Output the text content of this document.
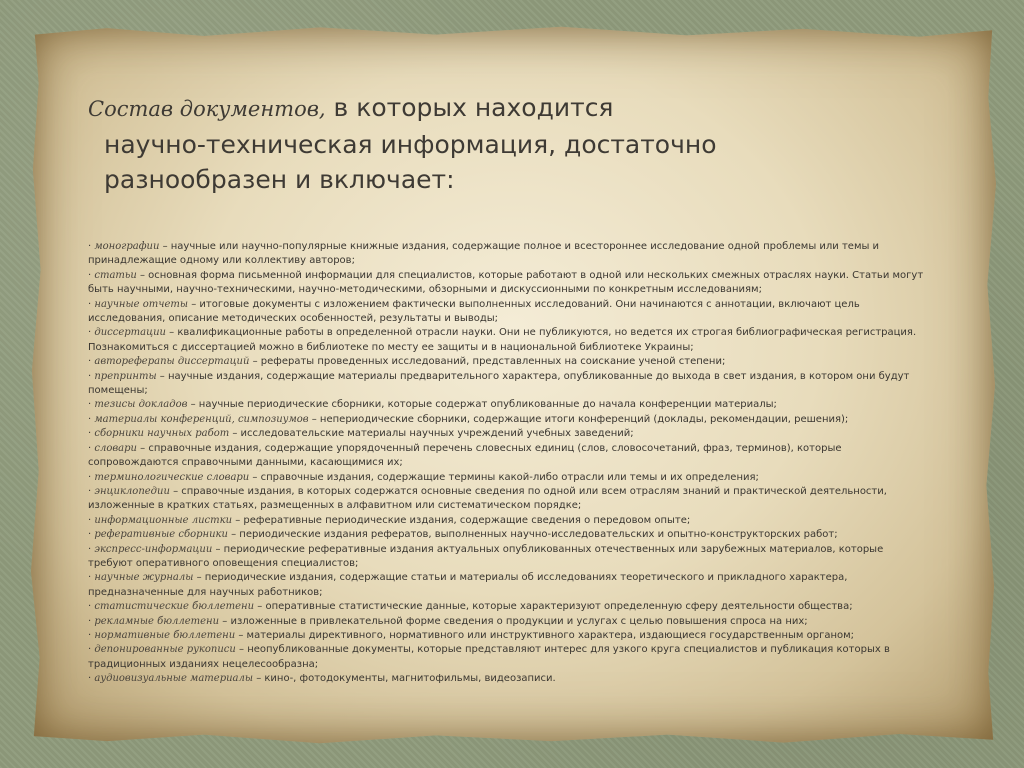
Состав документов, в которых находится
научно-техническая информация, достаточно
разнообразен и включает:

· монографии – научные или научно-популярные книжные издания, содержащие полное и всестороннее исследование одной проблемы или темы и принадлежащие одному или коллективу авторов;

· статьи – основная форма письменной информации для специалистов, которые работают в одной или нескольких смежных отраслях науки. Статьи могут быть научными, научно-техническими, научно-методическими, обзорными и дискуссионными по конкретным исследованиям;

· научные отчеты – итоговые документы с изложением фактически выполненных исследований. Они начинаются с аннотации, включают цель исследования, описание методических особенностей, результаты и выводы;

· диссертации – квалификационные работы в определенной отрасли науки. Они не публикуются, но ведется их строгая библиографическая регистрация. Познакомиться с диссертацией можно в библиотеке по месту ее защиты и в национальной библиотеке Украины;

· автореферапы диссертаций – рефераты проведенных исследований, представленных на соискание ученой степени;

· препринты – научные издания, содержащие материалы предварительного характера, опубликованные до выхода в свет издания, в котором они будут помещены;

· тезисы докладов – научные периодические сборники, которые содержат опубликованные до начала конференции материалы;

· материалы конференций, симпозиумов – непериодические сборники, содержащие итоги конференций (доклады, рекомендации, решения);

· сборники научных работ – исследовательские материалы научных учреждений учебных заведений;

· словари – справочные издания, содержащие упорядоченный перечень словесных единиц (слов, словосочетаний, фраз, терминов), которые сопровождаются справочными данными, касающимися их;

· терминологические словари – справочные издания, содержащие термины какой-либо отрасли или темы и их определения;

· энциклопедии – справочные издания, в которых содержатся основные сведения по одной или всем отраслям знаний и практической деятельности, изложенные в кратких статьях, размещенных в алфавитном или систематическом порядке;

· информационные листки – реферативные периодические издания, содержащие сведения о передовом опыте;

· реферативные сборники – периодические издания рефератов, выполненных научно-исследовательских и опытно-конструкторских работ;

· экспресс-информации – периодические реферативные издания актуальных опубликованных отечественных или зарубежных материалов, которые требуют оперативного оповещения специалистов;

· научные журналы – периодические издания, содержащие статьи и материалы об исследованиях теоретического и прикладного характера, предназначенные для научных работников;

· статистические бюллетени – оперативные статистические данные, которые характеризуют определенную сферу деятельности общества;

· рекламные бюллетени – изложенные в привлекательной форме сведения о продукции и услугах с целью повышения спроса на них;

· нормативные бюллетени – материалы директивного, нормативного или инструктивного характера, издающиеся государственным органом;

· депонированные рукописи – неопубликованные документы, которые представляют интерес для узкого круга специалистов и публикация которых в традиционных изданиях нецелесообразна;

· аудиовизуальные материалы – кино-, фотодокументы, магнитофильмы, видеозаписи.
